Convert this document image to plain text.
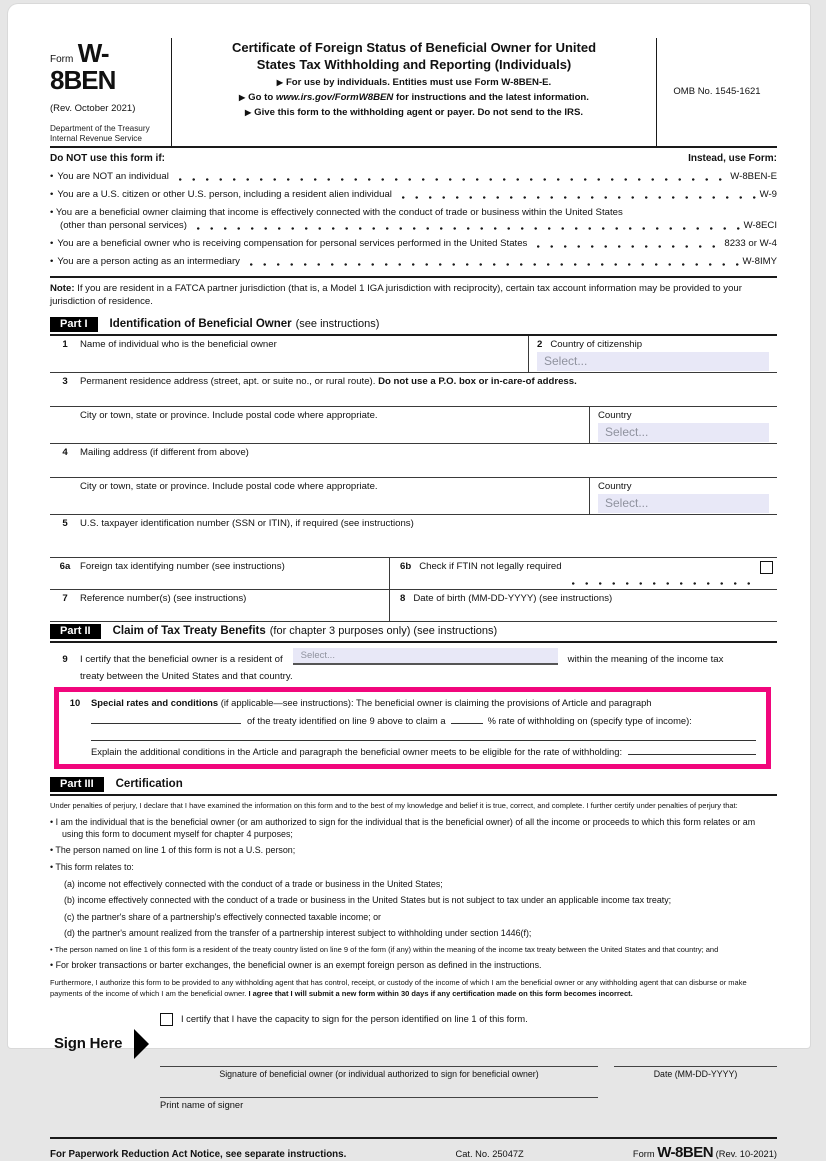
Form W-8BEN
(Rev. October 2021)
Department of the Treasury
Internal Revenue Service
Certificate of Foreign Status of Beneficial Owner for United
States Tax Withholding and Reporting (Individuals)
▶ For use by individuals. Entities must use Form W-8BEN-E.
▶ Go to www.irs.gov/FormW8BEN for instructions and the latest information.
▶ Give this form to the withholding agent or payer. Do not send to the IRS.
OMB No. 1545-1621
Do NOT use this form if:	Instead, use Form:
•
You are NOT an individual	W-8BEN-E
•
You are a U.S. citizen or other U.S. person, including a resident alien individual	W-9
• You are a beneficial owner claiming that income is effectively connected with the conduct of trade or business within the United States
(other than personal services)	W-8ECI
•
You are a beneficial owner who is receiving compensation for personal services performed in the United States	8233 or W-4
•
You are a person acting as an intermediary	W-8IMY
Note: If you are resident in a FATCA partner jurisdiction (that is, a Model 1 IGA jurisdiction with reciprocity), certain tax account information may be provided to your jurisdiction of residence.
Part I	Identification of Beneficial Owner (see instructions)
1	Name of individual who is the beneficial owner	2 Country of citizenship
Select...
3	Permanent residence address (street, apt. or suite no., or rural route). Do not use a P.O. box or in-care-of address.
City or town, state or province. Include postal code where appropriate.	Country
Select...
4	Mailing address (if different from above)
City or town, state or province. Include postal code where appropriate.	Country
Select...
5	U.S. taxpayer identification number (SSN or ITIN), if required (see instructions)
6a	Foreign tax identifying number (see instructions)	6b Check if FTIN not legally required
7	Reference number(s) (see instructions)	8 Date of birth (MM-DD-YYYY) (see instructions)
Part II	Claim of Tax Treaty Benefits (for chapter 3 purposes only) (see instructions)
9	I certify that the beneficial owner is a resident of	Select...	within the meaning of the income tax
treaty between the United States and that country.
10	Special rates and conditions (if applicable—see instructions): The beneficial owner is claiming the provisions of Article and paragraph
of the treaty identified on line 9 above to claim a	% rate of withholding on (specify type of income):
Explain the additional conditions in the Article and paragraph the beneficial owner meets to be eligible for the rate of withholding:
Part III	Certification
Under penalties of perjury, I declare that I have examined the information on this form and to the best of my knowledge and belief it is true, correct, and complete. I further certify under penalties of perjury that:
• I am the individual that is the beneficial owner (or am authorized to sign for the individual that is the beneficial owner) of all the income or proceeds to which this form relates or am using this form to document myself for chapter 4 purposes;
• The person named on line 1 of this form is not a U.S. person;
• This form relates to:
(a) income not effectively connected with the conduct of a trade or business in the United States;
(b) income effectively connected with the conduct of a trade or business in the United States but is not subject to tax under an applicable income tax treaty;
(c) the partner's share of a partnership's effectively connected taxable income; or
(d) the partner's amount realized from the transfer of a partnership interest subject to withholding under section 1446(f);
• The person named on line 1 of this form is a resident of the treaty country listed on line 9 of the form (if any) within the meaning of the income tax treaty between the United States and that country; and
• For broker transactions or barter exchanges, the beneficial owner is an exempt foreign person as defined in the instructions.
Furthermore, I authorize this form to be provided to any withholding agent that has control, receipt, or custody of the income of which I am the beneficial owner or any withholding agent that can disburse or make payments of the income of which I am the beneficial owner. I agree that I will submit a new form within 30 days if any certification made on this form becomes incorrect.
Sign Here
I certify that I have the capacity to sign for the person identified on line 1 of this form.
Signature of beneficial owner (or individual authorized to sign for beneficial owner)	Date (MM-DD-YYYY)
Print name of signer
For Paperwork Reduction Act Notice, see separate instructions.	Cat. No. 25047Z	Form W-8BEN (Rev. 10-2021)
